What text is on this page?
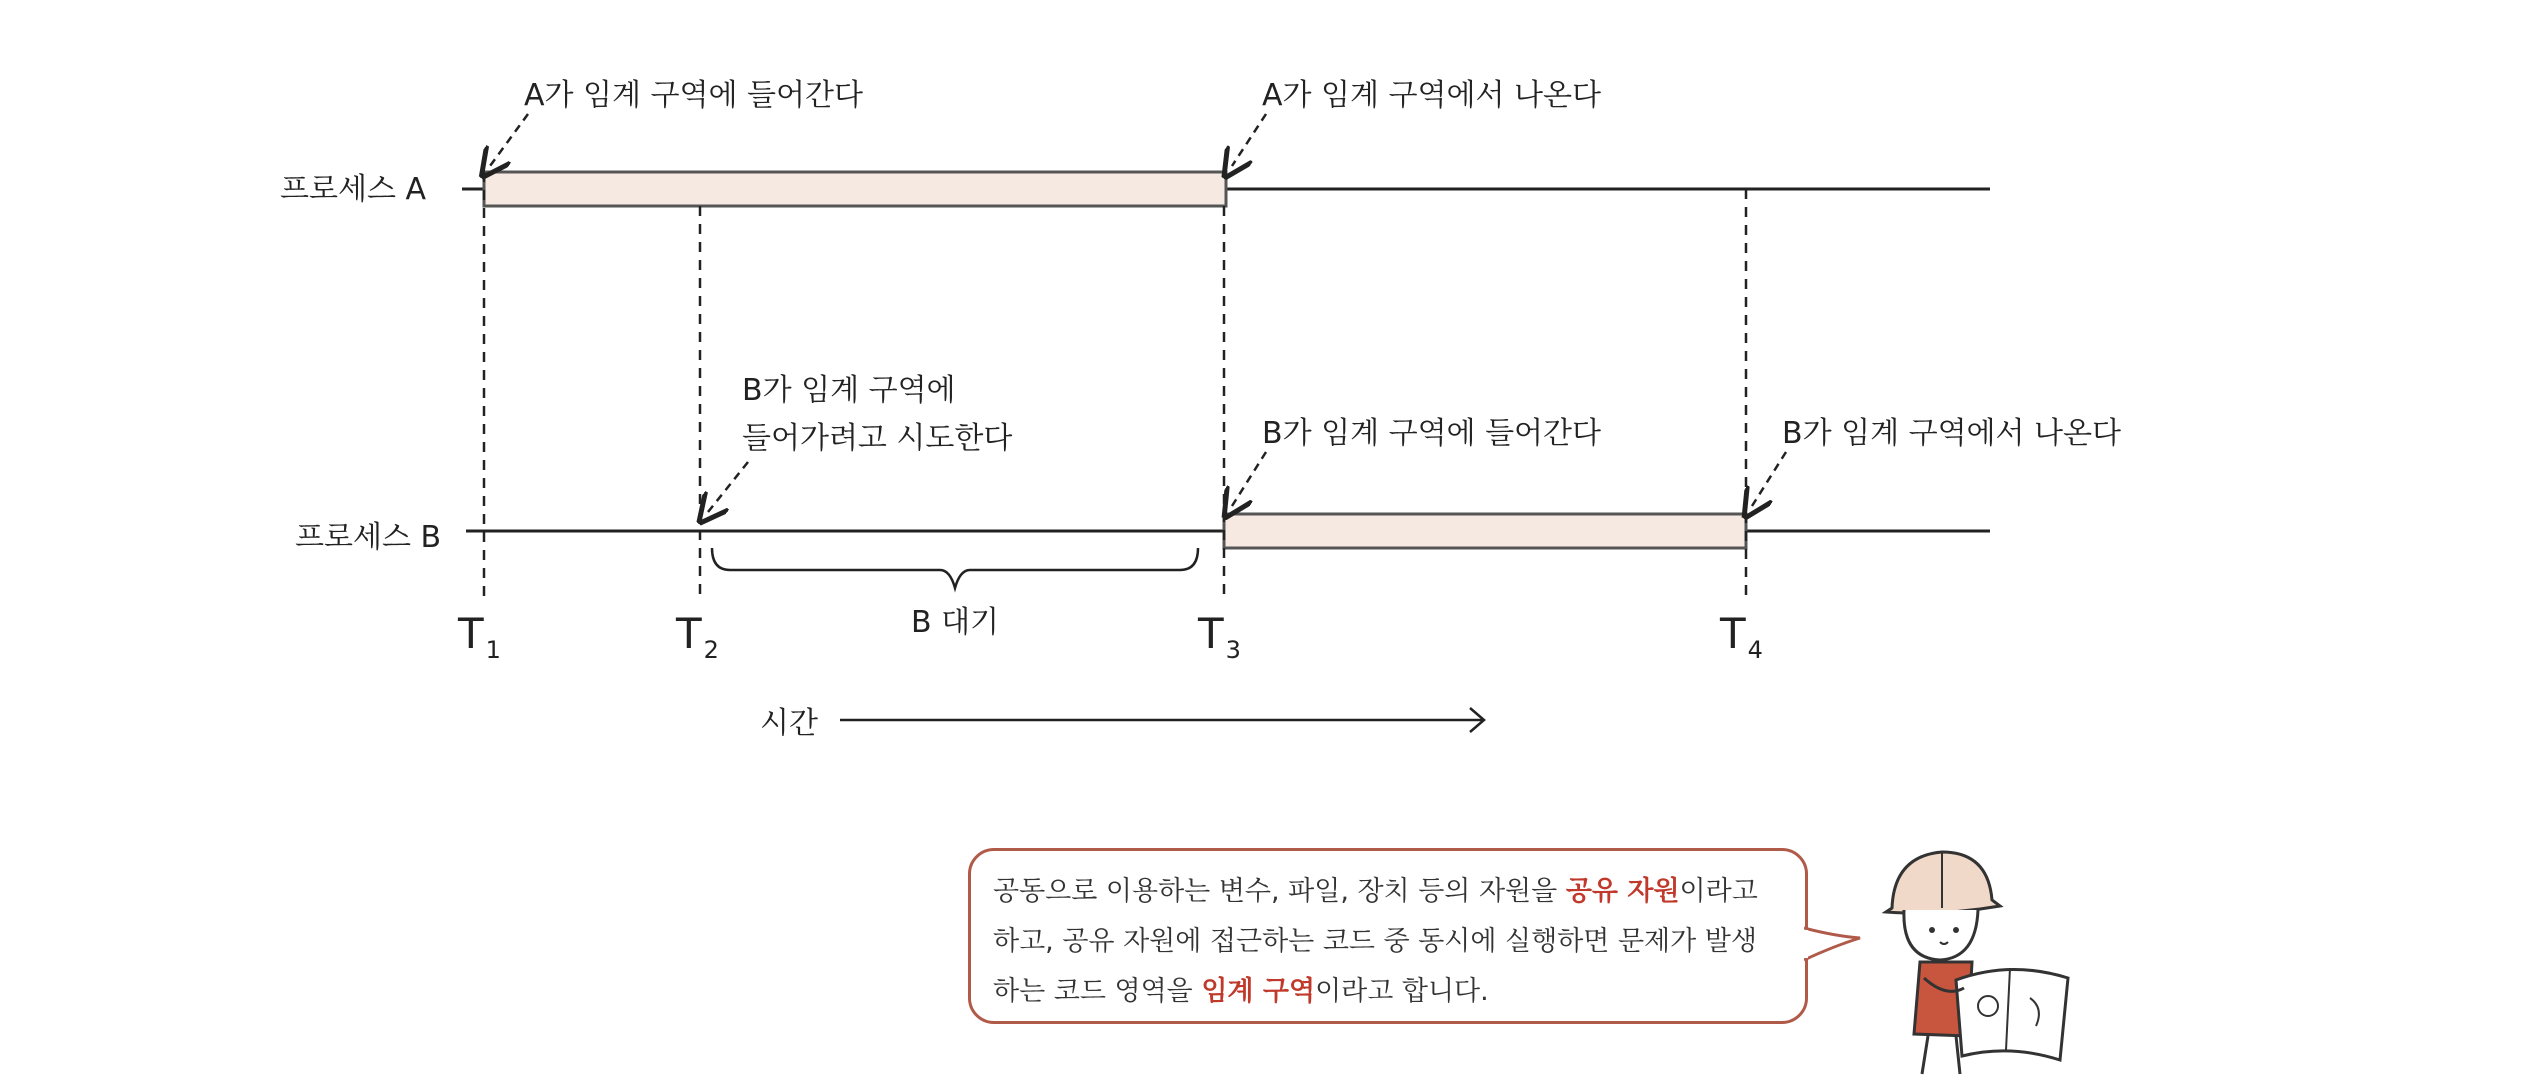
프로세스 A
프로세스 B
$T_1$	$T_2$	$T_3$	$T_4$
A가 임계 구역에 들어간다	A가 임계 구역에서 나온다
B가 임계 구역에
들어가려고 시도한다	B가 임계 구역에 들어간다	B가 임계 구역에서 나온다
B 대기
시간
공동으로 이용하는 변수, 파일, 장치 등의 자원을 공유 자원이라고
하고, 공유 자원에 접근하는 코드 중 동시에 실행하면 문제가 발생
하는 코드 영역을 임계 구역이라고 합니다.
